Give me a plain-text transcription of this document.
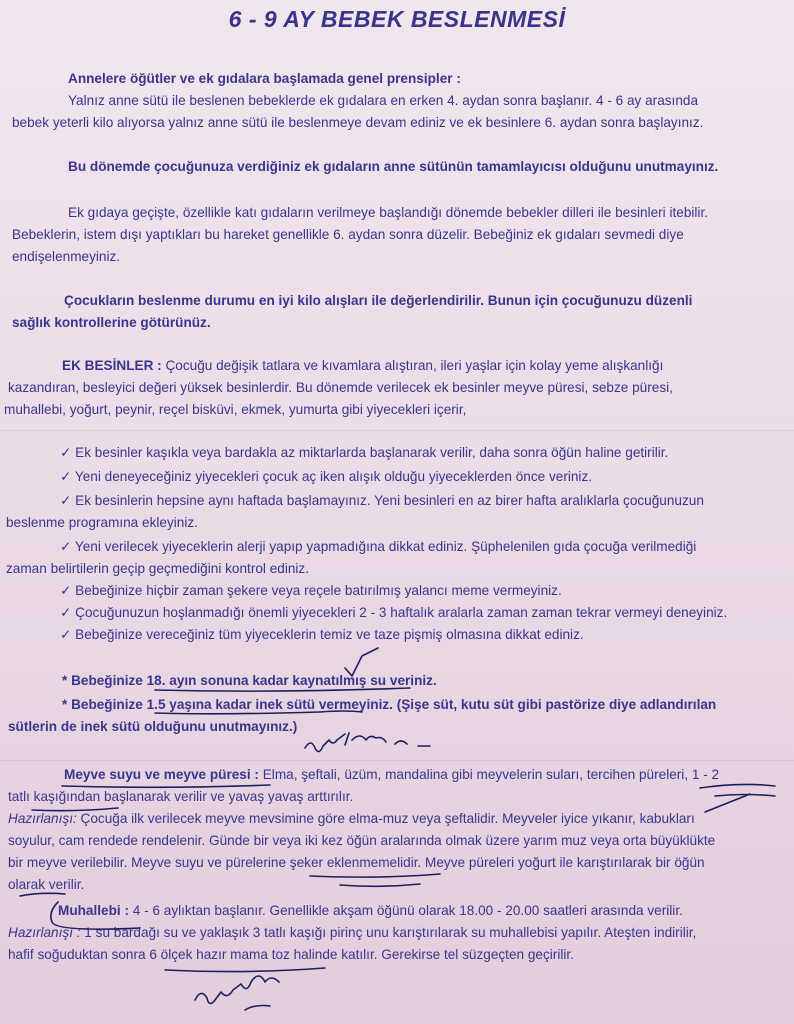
6 - 9 AY BEBEK BESLENMESİ
Annelere öğütler ve ek gıdalara başlamada genel prensipler :
Yalnız anne sütü ile beslenen bebeklerde ek gıdalara en erken 4. aydan sonra başlanır. 4 - 6 ay arasında
bebek yeterli kilo alıyorsa yalnız anne sütü ile beslenmeye devam ediniz ve ek besinlere 6. aydan sonra başlayınız.
Bu dönemde çocuğunuza verdiğiniz ek gıdaların anne sütünün tamamlayıcısı olduğunu unutmayınız.
Ek gıdaya geçişte, özellikle katı gıdaların verilmeye başlandığı dönemde bebekler dilleri ile besinleri itebilir.
Bebeklerin, istem dışı yaptıkları bu hareket genellikle 6. aydan sonra düzelir. Bebeğiniz ek gıdaları sevmedi diye
endişelenmeyiniz.
Çocukların beslenme durumu en iyi kilo alışları ile değerlendirilir. Bunun için çocuğunuzu düzenli
sağlık kontrollerine götürünüz.
EK BESİNLER : Çocuğu değişik tatlara ve kıvamlara alıştıran, ileri yaşlar için kolay yeme alışkanlığı
kazandıran, besleyici değeri yüksek besinlerdir. Bu dönemde verilecek ek besinler meyve püresi, sebze püresi,
muhallebi, yoğurt, peynir, reçel bisküvi, ekmek, yumurta gibi yiyecekleri içerir,
✓ Ek besinler kaşıkla veya bardakla az miktarlarda başlanarak verilir, daha sonra öğün haline getirilir.
✓ Yeni deneyeceğiniz yiyecekleri çocuk aç iken alışık olduğu yiyeceklerden önce veriniz.
✓ Ek besinlerin hepsine aynı haftada başlamayınız. Yeni besinleri en az birer hafta aralıklarla çocuğunuzun
beslenme programına ekleyiniz.
✓ Yeni verilecek yiyeceklerin alerji yapıp yapmadığına dikkat ediniz. Şüphelenilen gıda çocuğa verilmediği
zaman belirtilerin geçip geçmediğini kontrol ediniz.
✓ Bebeğinize hiçbir zaman şekere veya reçele batırılmış yalancı meme vermeyiniz.
✓ Çocuğunuzun hoşlanmadığı önemli yiyecekleri 2 - 3 haftalık aralarla zaman zaman tekrar vermeyi deneyiniz.
✓ Bebeğinize vereceğiniz tüm yiyeceklerin temiz ve taze pişmiş olmasına dikkat ediniz.
* Bebeğinize 18. ayın sonuna kadar kaynatılmış su veriniz.
* Bebeğinize 1.5 yaşına kadar inek sütü vermeyiniz. (Şişe süt, kutu süt gibi pastörize diye adlandırılan
sütlerin de inek sütü olduğunu unutmayınız.)
Meyve suyu ve meyve püresi : Elma, şeftali, üzüm, mandalina gibi meyvelerin suları, tercihen püreleri, 1 - 2
tatlı kaşığından başlanarak verilir ve yavaş yavaş arttırılır.
Hazırlanışı: Çocuğa ilk verilecek meyve mevsimine göre elma-muz veya şeftalidir. Meyveler iyice yıkanır, kabukları
soyulur, cam rendede rendelenir. Günde bir veya iki kez öğün aralarında olmak üzere yarım muz veya orta büyüklükte
bir meyve verilebilir. Meyve suyu ve pürelerine şeker eklenmemelidir. Meyve püreleri yoğurt ile karıştırılarak bir öğün
olarak verilir.
Muhallebi : 4 - 6 aylıktan başlanır. Genellikle akşam öğünü olarak 18.00 - 20.00 saatleri arasında verilir.
Hazırlanışı : 1 su bardağı su ve yaklaşık 3 tatlı kaşığı pirinç unu karıştırılarak su muhallebisi yapılır. Ateşten indirilir,
hafif soğuduktan sonra 6 ölçek hazır mama toz halinde katılır. Gerekirse tel süzgeçten geçirilir.
